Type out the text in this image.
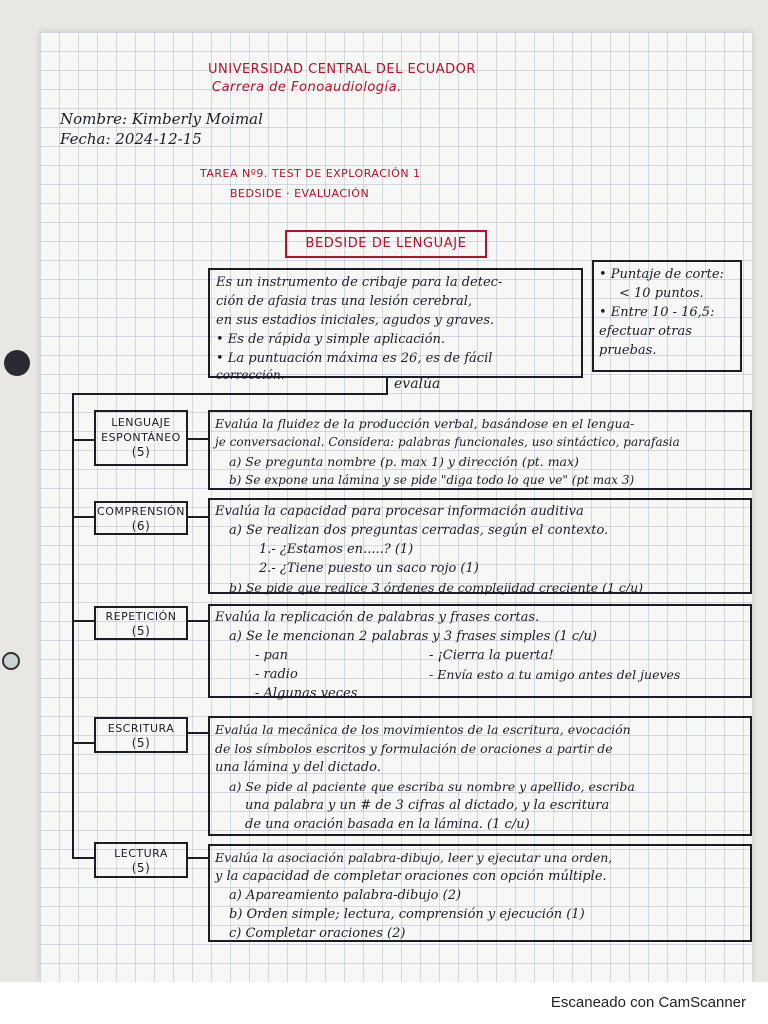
UNIVERSIDAD CENTRAL DEL ECUADOR

Carrera de Fonoaudiología.

Nombre: Kimberly Moimal

Fecha: 2024-12-15

TAREA Nº9. TEST DE EXPLORACIÓN 1

BEDSIDE · EVALUACIÓN

BEDSIDE DE LENGUAJE

Es un instrumento de cribaje para la detec-

ción de afasia tras una lesión cerebral,

en sus estadios iniciales, agudos y graves.

• Es de rápida y simple aplicación.

• La puntuación máxima es 26, es de fácil

corrección.

• Puntaje de corte:

< 10 puntos.

• Entre 10 - 16,5:

efectuar otras

pruebas.

evalúa

LENGUAJE

ESPONTÁNEO

(5)

Evalúa la fluidez de la producción verbal, basándose en el lengua-

je conversacional. Considera: palabras funcionales, uso sintáctico, parafasia

a) Se pregunta nombre (p. max 1) y dirección (pt. max)

b) Se expone una lámina y se pide "diga todo lo que ve" (pt max 3)

COMPRENSIÓN

(6)

Evalúa la capacidad para procesar información auditiva

a) Se realizan dos preguntas cerradas, según el contexto.

1.- ¿Estamos en.....? (1)

2.- ¿Tiene puesto un saco rojo (1)

b) Se pide que realice 3 órdenes de complejidad creciente (1 c/u)

REPETICIÓN

(5)

Evalúa la replicación de palabras y frases cortas.

a) Se le mencionan 2 palabras y 3 frases simples (1 c/u)

- pan

- radio

- Algunas veces

- ¡Cierra la puerta!

- Envía esto a tu amigo antes del jueves

ESCRITURA

(5)

Evalúa la mecánica de los movimientos de la escritura, evocación

de los símbolos escritos y formulación de oraciones a partir de

una lámina y del dictado.

a) Se pide al paciente que escriba su nombre y apellido, escriba

una palabra y un # de 3 cifras al dictado, y la escritura

de una oración basada en la lámina. (1 c/u)

LECTURA

(5)

Evalúa la asociación palabra-dibujo, leer y ejecutar una orden,

y la capacidad de completar oraciones con opción múltiple.

a) Apareamiento palabra-dibujo (2)

b) Orden simple; lectura, comprensión y ejecución (1)

c) Completar oraciones (2)

Escaneado con CamScanner
